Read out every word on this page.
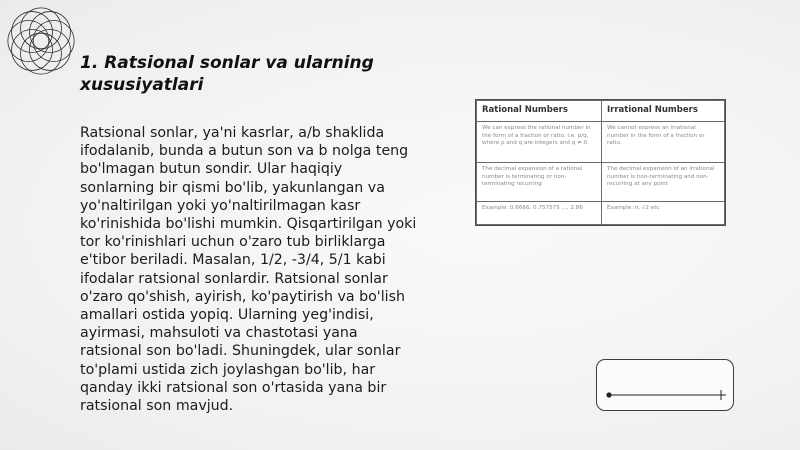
1. Ratsional sonlar va ularning xususiyatlari
Ratsional sonlar, ya'ni kasrlar, a/b shaklida ifodalanib, bunda a butun son va b nolga teng bo'lmagan butun sondir. Ular haqiqiy sonlarning bir qismi bo'lib, yakunlangan va yo'naltirilgan yoki yo'naltirilmagan kasr ko'rinishida bo'lishi mumkin. Qisqartirilgan yoki tor ko'rinishlari uchun o'zaro tub birliklarga e'tibor beriladi. Masalan, 1/2, -3/4, 5/1 kabi ifodalar ratsional sonlardir. Ratsional sonlar o'zaro qo'shish, ayirish, ko'paytirish va bo'lish amallari ostida yopiq. Ularning yeg'indisi, ayirmasi, mahsuloti va chastotasi yana ratsional son bo'ladi. Shuningdek, ular sonlar to'plami ustida zich joylashgan bo'lib, har qanday ikki ratsional son o'rtasida yana bir ratsional son mavjud.
Rational Numbers	Irrational Numbers
We can express the rational number in the form of a fraction or ratio, i.e. p/q, where p and q are integers and q ≠ 0.	We cannot express an irrational number in the form of a fraction or ratio.
The decimal expansion of a rational number is terminating or non-terminating recurring	The decimal expansion of an irrational number is non-terminating and non-recurring at any point
Example: 0.6666, 0.757575 ..., 2.86	Example: π, √2 etc
